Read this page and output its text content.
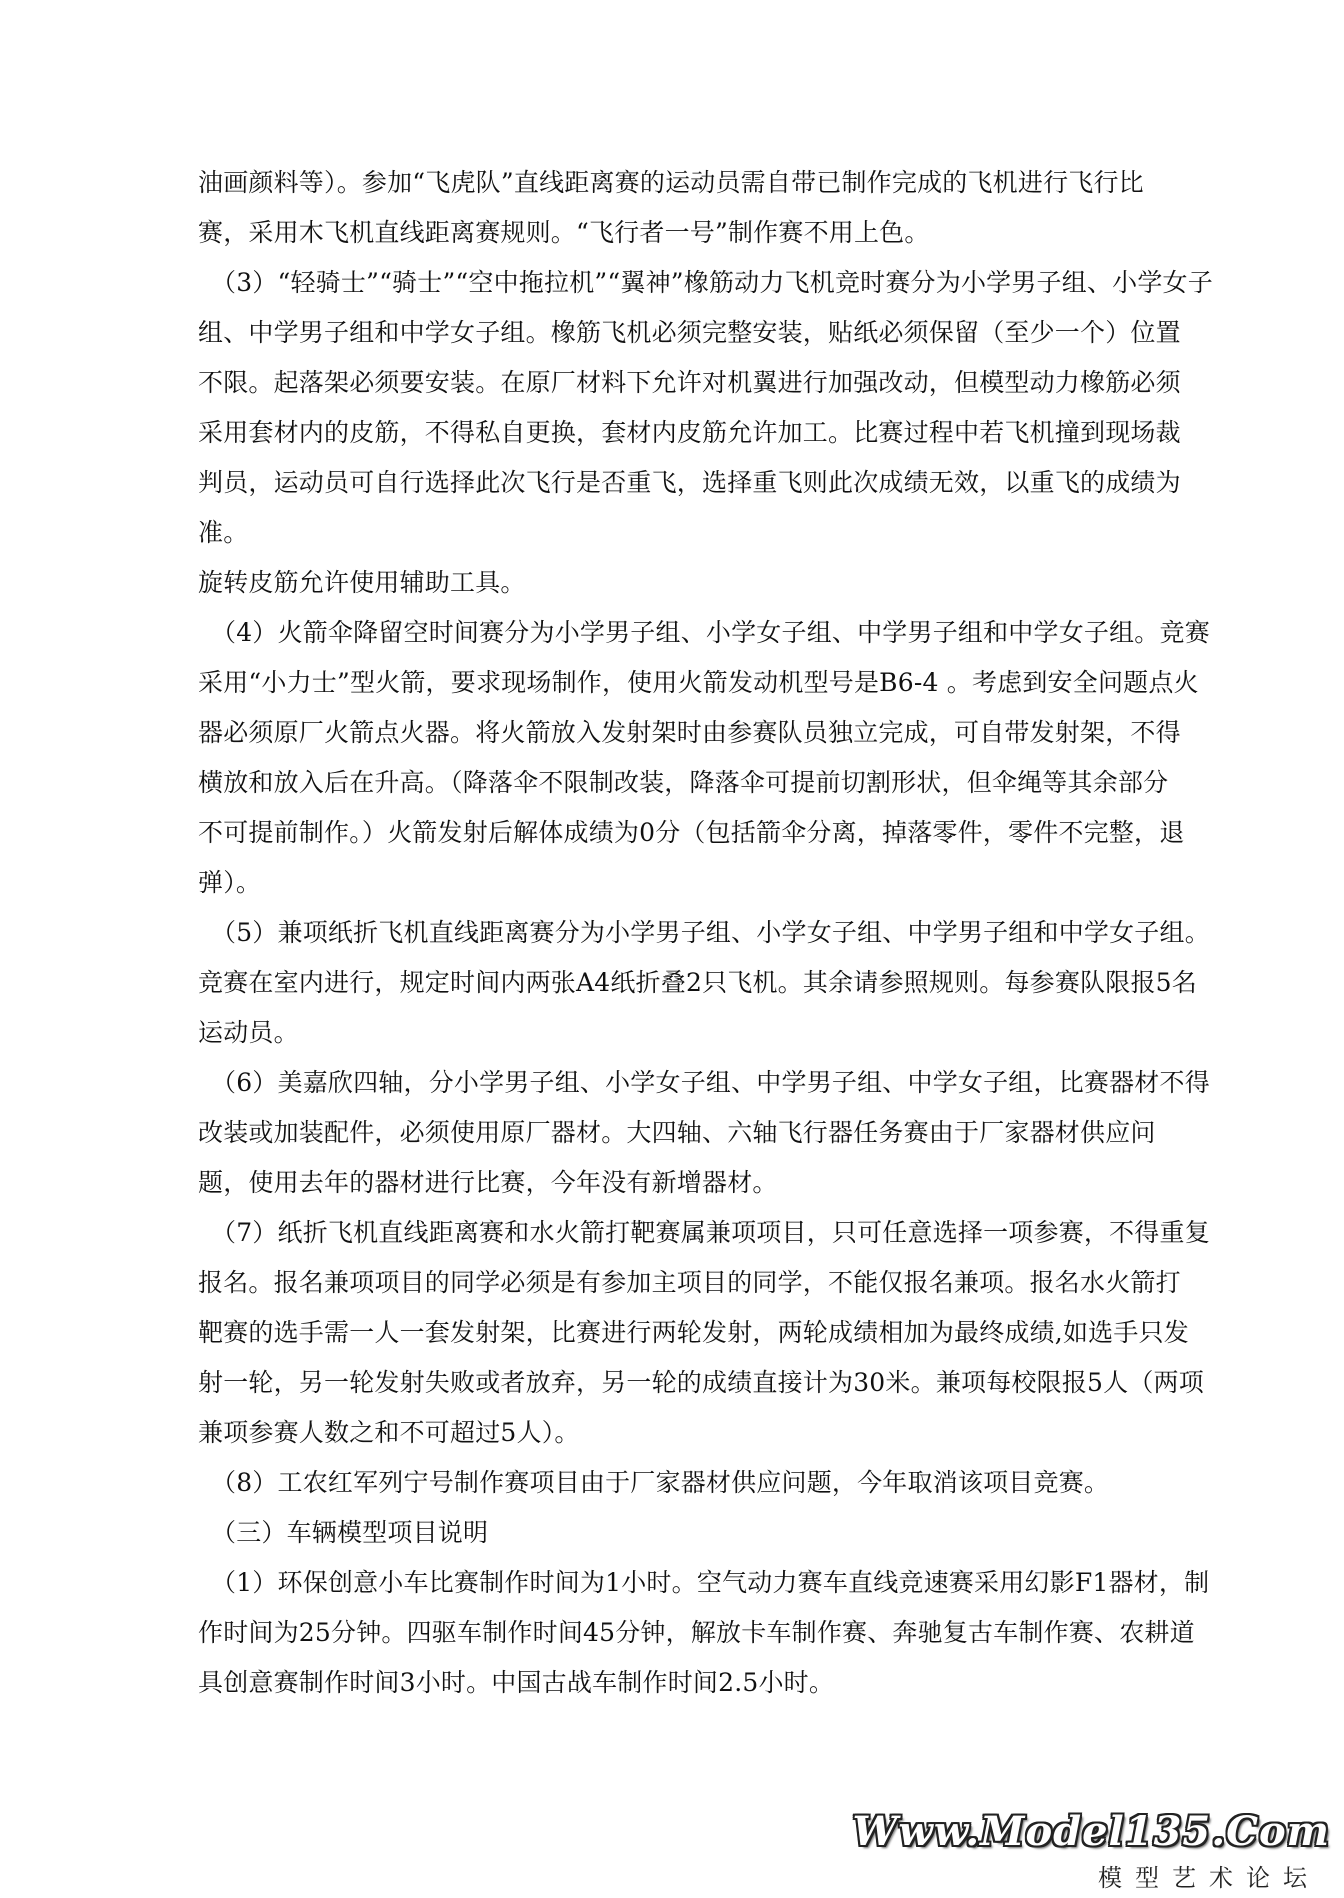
油画颜料等）。参加“飞虎队”直线距离赛的运动员需自带已制作完成的飞机进行飞行比
赛，采用木飞机直线距离赛规则。“飞行者一号”制作赛不用上色。
（3）“轻骑士”“骑士”“空中拖拉机”“翼神”橡筋动力飞机竞时赛分为小学男子组、小学女子
组、中学男子组和中学女子组。橡筋飞机必须完整安装，贴纸必须保留（至少一个）位置
不限。起落架必须要安装。在原厂材料下允许对机翼进行加强改动，但模型动力橡筋必须
采用套材内的皮筋，不得私自更换，套材内皮筋允许加工。比赛过程中若飞机撞到现场裁
判员，运动员可自行选择此次飞行是否重飞，选择重飞则此次成绩无效，以重飞的成绩为
准。
旋转皮筋允许使用辅助工具。
（4）火箭伞降留空时间赛分为小学男子组、小学女子组、中学男子组和中学女子组。竞赛
采用“小力士”型火箭，要求现场制作，使用火箭发动机型号是B6-4 。考虑到安全问题点火
器必须原厂火箭点火器。将火箭放入发射架时由参赛队员独立完成，可自带发射架，不得
横放和放入后在升高。（降落伞不限制改装，降落伞可提前切割形状，但伞绳等其余部分
不可提前制作。）火箭发射后解体成绩为0分（包括箭伞分离，掉落零件，零件不完整，退
弹）。
（5）兼项纸折飞机直线距离赛分为小学男子组、小学女子组、中学男子组和中学女子组。
竞赛在室内进行，规定时间内两张A4纸折叠2只飞机。其余请参照规则。每参赛队限报5名
运动员。
（6）美嘉欣四轴，分小学男子组、小学女子组、中学男子组、中学女子组，比赛器材不得
改装或加装配件，必须使用原厂器材。大四轴、六轴飞行器任务赛由于厂家器材供应问
题，使用去年的器材进行比赛，今年没有新增器材。
（7）纸折飞机直线距离赛和水火箭打靶赛属兼项项目，只可任意选择一项参赛，不得重复
报名。报名兼项项目的同学必须是有参加主项目的同学，不能仅报名兼项。报名水火箭打
靶赛的选手需一人一套发射架，比赛进行两轮发射，两轮成绩相加为最终成绩,如选手只发
射一轮，另一轮发射失败或者放弃，另一轮的成绩直接计为30米。兼项每校限报5人（两项
兼项参赛人数之和不可超过5人）。
（8）工农红军列宁号制作赛项目由于厂家器材供应问题，今年取消该项目竞赛。
（三）车辆模型项目说明
（1）环保创意小车比赛制作时间为1小时。空气动力赛车直线竞速赛采用幻影F1器材，制
作时间为25分钟。四驱车制作时间45分钟，解放卡车制作赛、奔驰复古车制作赛、农耕道
具创意赛制作时间3小时。中国古战车制作时间2.5小时。
Www.Model135.Com
模型艺术论坛
